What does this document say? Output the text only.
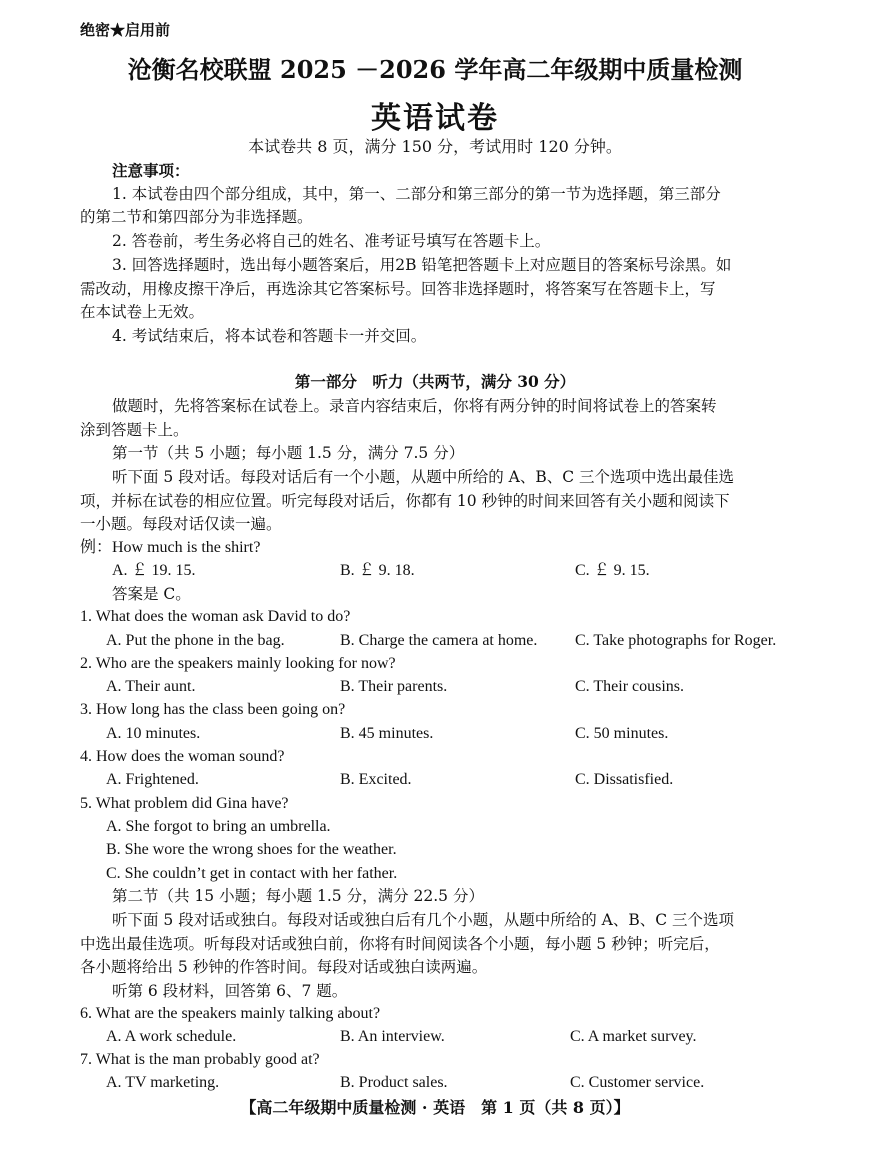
绝密★启用前
沧衡名校联盟 2025 －2026 学年高二年级期中质量检测
英语试卷
本试卷共 8 页，满分 150 分，考试用时 120 分钟。
注意事项：
1. 本试卷由四个部分组成，其中，第一、二部分和第三部分的第一节为选择题，第三部分
的第二节和第四部分为非选择题。
2. 答卷前，考生务必将自己的姓名、准考证号填写在答题卡上。
3. 回答选择题时，选出每小题答案后，用2B 铅笔把答题卡上对应题目的答案标号涂黑。如
需改动，用橡皮擦干净后，再选涂其它答案标号。回答非选择题时，将答案写在答题卡上，写
在本试卷上无效。
4. 考试结束后，将本试卷和答题卡一并交回。
第一部分　听力（共两节，满分 30 分）
做题时，先将答案标在试卷上。录音内容结束后，你将有两分钟的时间将试卷上的答案转
涂到答题卡上。
第一节（共 5 小题；每小题 1.5 分，满分 7.5 分）
听下面 5 段对话。每段对话后有一个小题，从题中所给的 A、B、C 三个选项中选出最佳选
项，并标在试卷的相应位置。听完每段对话后，你都有 10 秒钟的时间来回答有关小题和阅读下
一小题。每段对话仅读一遍。
例：How much is the shirt?
A. ￡ 19. 15.	B. ￡ 9. 18.	C. ￡ 9. 15.
答案是 C。
1. What does the woman ask David to do?
A. Put the phone in the bag.	B. Charge the camera at home. C. Take photographs for Roger.
2. Who are the speakers mainly looking for now?
A. Their aunt.	B. Their parents.	C. Their cousins.
3. How long has the class been going on?
A. 10 minutes.	B. 45 minutes.	C. 50 minutes.
4. How does the woman sound?
A. Frightened.	B. Excited.	C. Dissatisfied.
5. What problem did Gina have?
A. She forgot to bring an umbrella.
B. She wore the wrong shoes for the weather.
C. She couldn’t get in contact with her father.
第二节（共 15 小题；每小题 1.5 分，满分 22.5 分）
听下面 5 段对话或独白。每段对话或独白后有几个小题，从题中所给的 A、B、C 三个选项
中选出最佳选项。听每段对话或独白前，你将有时间阅读各个小题，每小题 5 秒钟；听完后，
各小题将给出 5 秒钟的作答时间。每段对话或独白读两遍。
听第 6 段材料，回答第 6、7 题。
6. What are the speakers mainly talking about?
A. A work schedule.	B. An interview.	C. A market survey.
7. What is the man probably good at?
A. TV marketing.	B. Product sales.	C. Customer service.
【高二年级期中质量检测 · 英语　第 1 页（共 8 页）】
